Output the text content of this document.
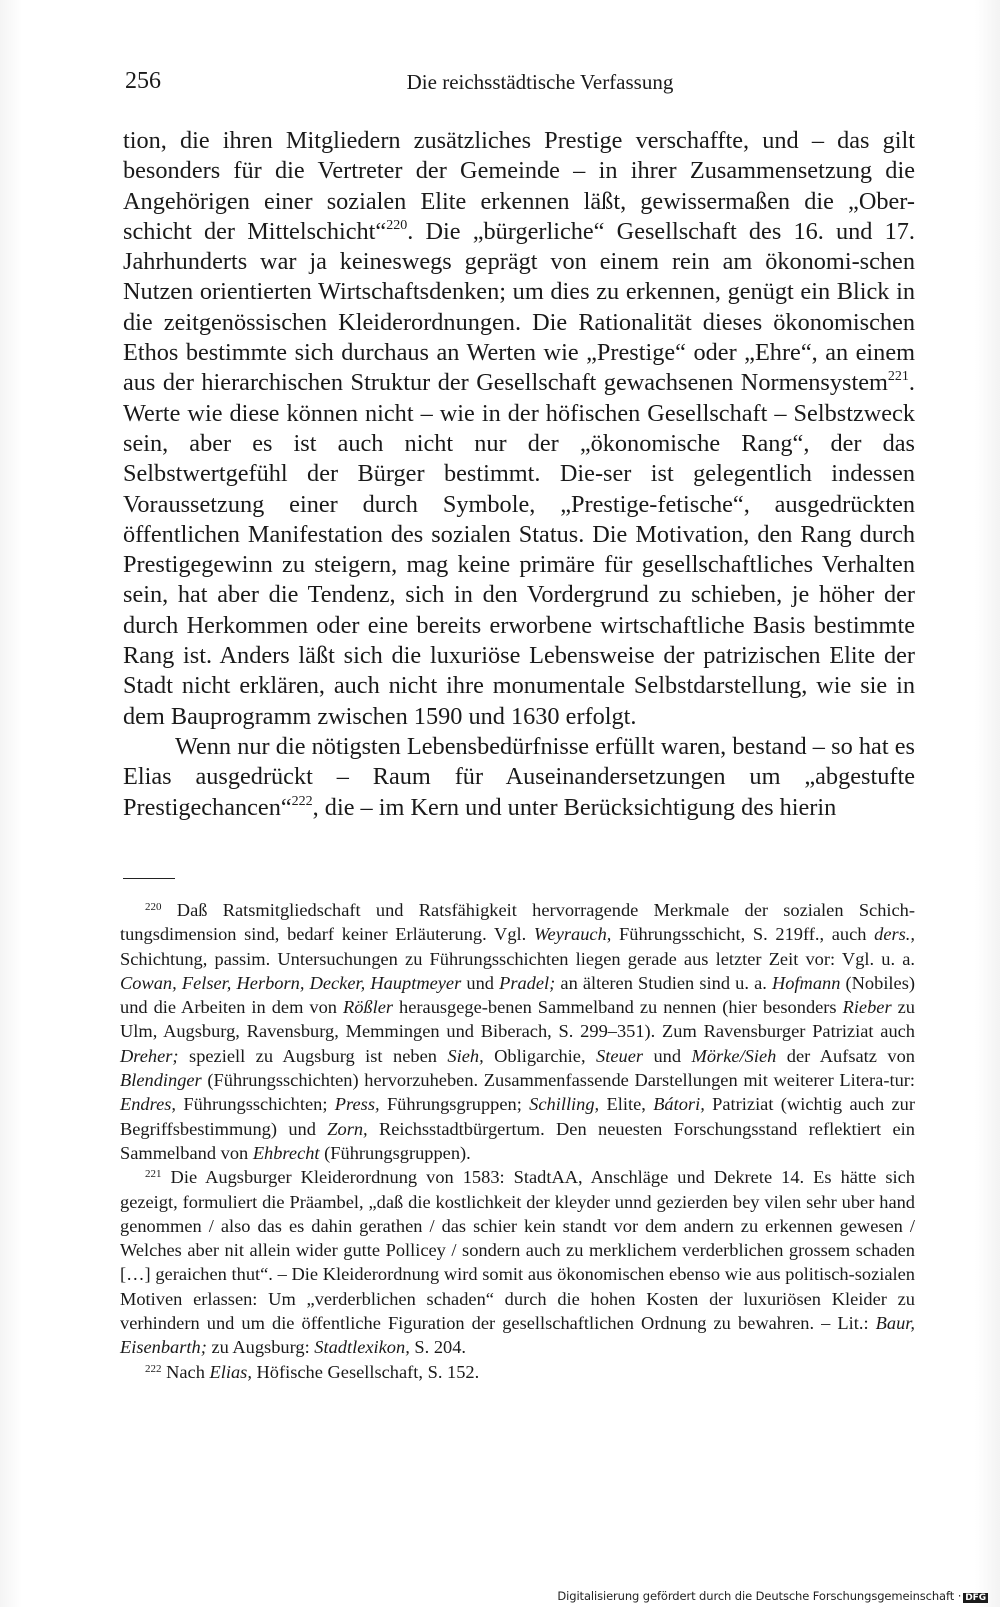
256	Die reichsstädtische Verfassung

tion, die ihren Mitgliedern zusätzliches Prestige verschaffte, und – das gilt besonders für die Vertreter der Gemeinde – in ihrer Zusammensetzung die Angehörigen einer sozialen Elite erkennen läßt, gewissermaßen die „Ober-schicht der Mittelschicht“$^{220}$. Die „bürgerliche“ Gesellschaft des 16. und 17. Jahrhunderts war ja keineswegs geprägt von einem rein am ökonomi-schen Nutzen orientierten Wirtschaftsdenken; um dies zu erkennen, genügt ein Blick in die zeitgenössischen Kleiderordnungen. Die Rationalität dieses ökonomischen Ethos bestimmte sich durchaus an Werten wie „Prestige“ oder „Ehre“, an einem aus der hierarchischen Struktur der Gesellschaft gewachsenen Normensystem$^{221}$. Werte wie diese können nicht – wie in der höfischen Gesellschaft – Selbstzweck sein, aber es ist auch nicht nur der „ökonomische Rang“, der das Selbstwertgefühl der Bürger bestimmt. Die-ser ist gelegentlich indessen Voraussetzung einer durch Symbole, „Prestige-fetische“, ausgedrückten öffentlichen Manifestation des sozialen Status. Die Motivation, den Rang durch Prestigegewinn zu steigern, mag keine primäre für gesellschaftliches Verhalten sein, hat aber die Tendenz, sich in den Vordergrund zu schieben, je höher der durch Herkommen oder eine bereits erworbene wirtschaftliche Basis bestimmte Rang ist. Anders läßt sich die luxuriöse Lebensweise der patrizischen Elite der Stadt nicht erklären, auch nicht ihre monumentale Selbstdarstellung, wie sie in dem Bauprogramm zwischen 1590 und 1630 erfolgt.

Wenn nur die nötigsten Lebensbedürfnisse erfüllt waren, bestand – so hat es Elias ausgedrückt – Raum für Auseinandersetzungen um „abgestufte Prestigechancen“$^{222}$, die – im Kern und unter Berücksichtigung des hierin

$^{220}$ Daß Ratsmitgliedschaft und Ratsfähigkeit hervorragende Merkmale der sozialen Schich-tungsdimension sind, bedarf keiner Erläuterung. Vgl. Weyrauch, Führungsschicht, S. 219ff., auch ders., Schichtung, passim. Untersuchungen zu Führungsschichten liegen gerade aus letzter Zeit vor: Vgl. u. a. Cowan, Felser, Herborn, Decker, Hauptmeyer und Pradel; an älteren Studien sind u. a. Hofmann (Nobiles) und die Arbeiten in dem von Rößler herausgege-benen Sammelband zu nennen (hier besonders Rieber zu Ulm, Augsburg, Ravensburg, Memmingen und Biberach, S. 299–351). Zum Ravensburger Patriziat auch Dreher; speziell zu Augsburg ist neben Sieh, Obligarchie, Steuer und Mörke/Sieh der Aufsatz von Blendinger (Führungsschichten) hervorzuheben. Zusammenfassende Darstellungen mit weiterer Litera-tur: Endres, Führungsschichten; Press, Führungsgruppen; Schilling, Elite, Bátori, Patriziat (wichtig auch zur Begriffsbestimmung) und Zorn, Reichsstadtbürgertum. Den neuesten Forschungsstand reflektiert ein Sammelband von Ehbrecht (Führungsgruppen).

$^{221}$ Die Augsburger Kleiderordnung von 1583: StadtAA, Anschläge und Dekrete 14. Es hätte sich gezeigt, formuliert die Präambel, „daß die kostlichkeit der kleyder unnd gezierden bey vilen sehr uber hand genommen / also das es dahin gerathen / das schier kein standt vor dem andern zu erkennen gewesen / Welches aber nit allein wider gutte Pollicey / sondern auch zu merklichem verderblichen grossem schaden […] geraichen thut“. – Die Kleiderordnung wird somit aus ökonomischen ebenso wie aus politisch-sozialen Motiven erlassen: Um „verderblichen schaden“ durch die hohen Kosten der luxuriösen Kleider zu verhindern und um die öffentliche Figuration der gesellschaftlichen Ordnung zu bewahren. – Lit.: Baur, Eisenbarth; zu Augsburg: Stadtlexikon, S. 204.

$^{222}$ Nach Elias, Höfische Gesellschaft, S. 152.

Digitalisierung gefördert durch die Deutsche Forschungsgemeinschaft · DFG
